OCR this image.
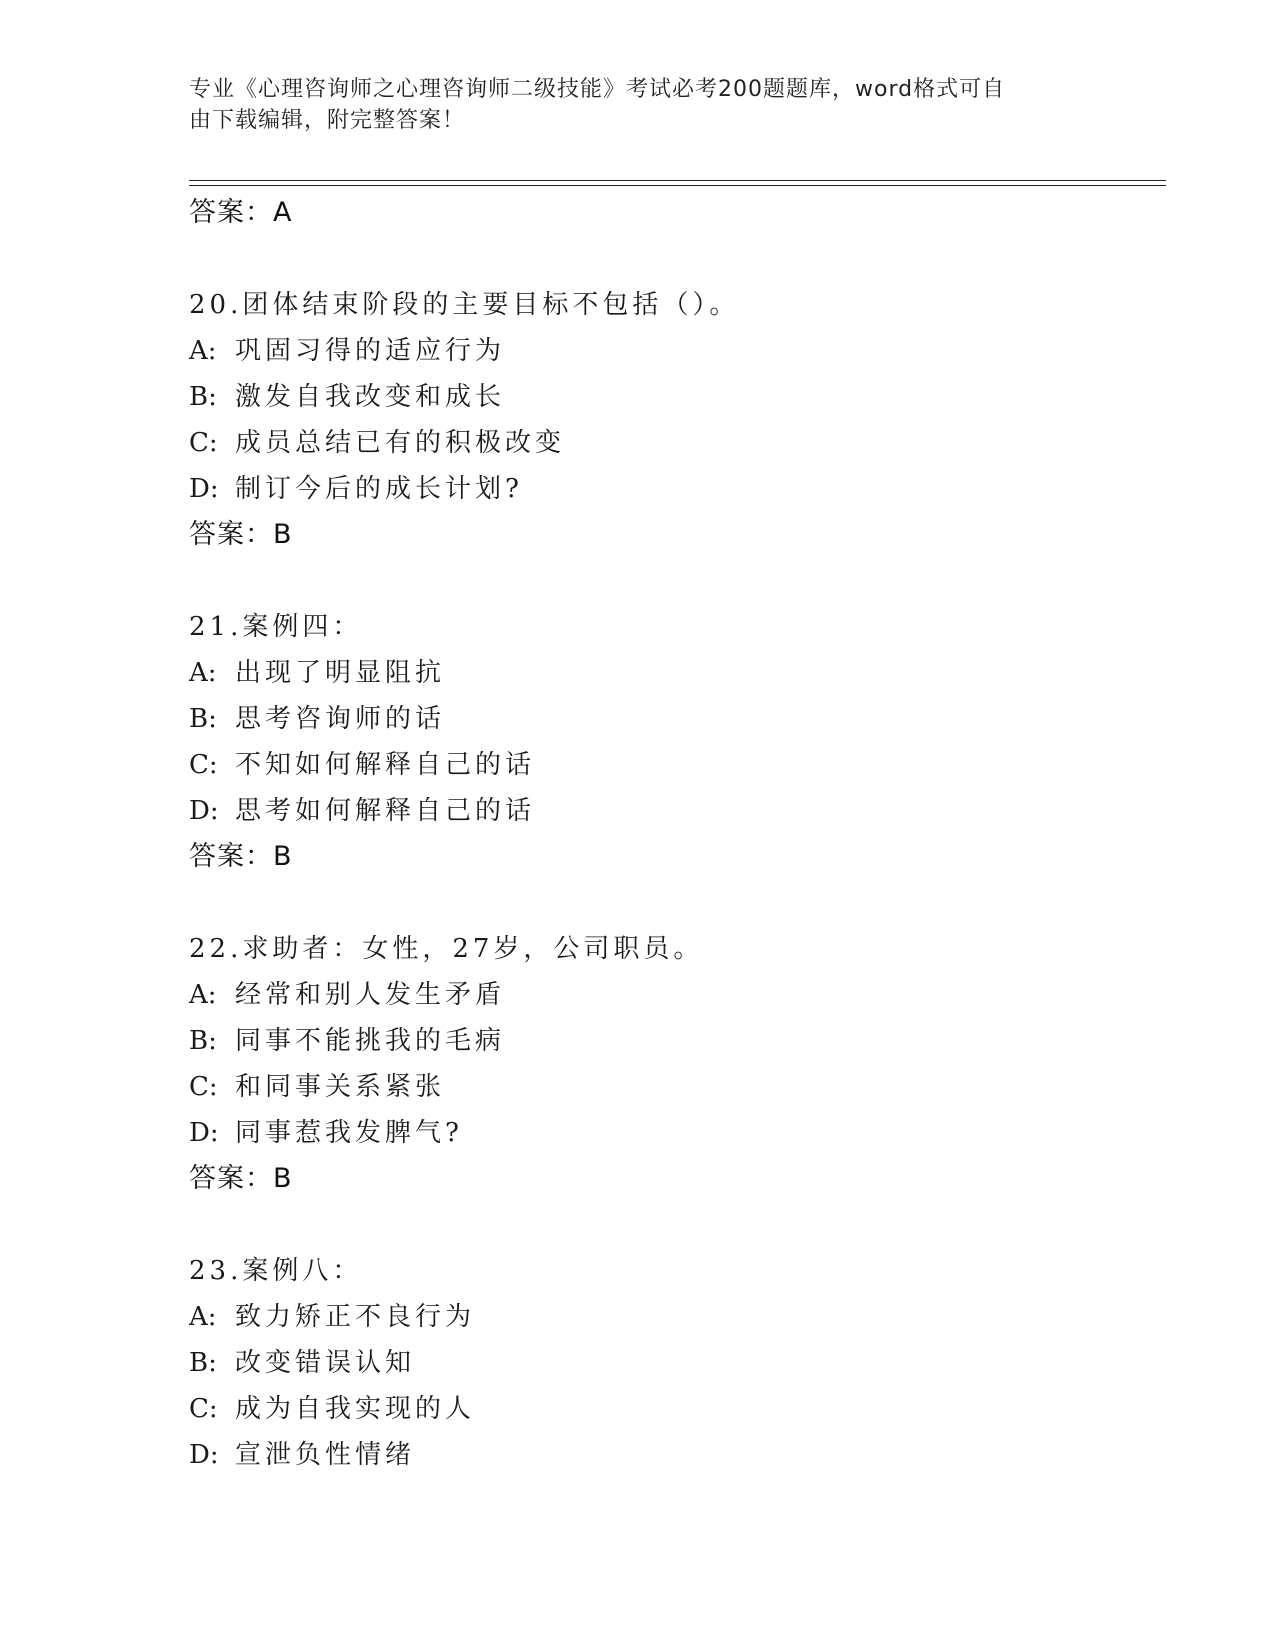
专业《心理咨询师之心理咨询师二级技能》考试必考200题题库，word格式可自
由下载编辑，附完整答案！
答案：A
20.团体结束阶段的主要目标不包括（）。
A: 巩固习得的适应行为
B: 激发自我改变和成长
C: 成员总结已有的积极改变
D: 制订今后的成长计划?
答案：B
21.案例四：
A: 出现了明显阻抗
B: 思考咨询师的话
C: 不知如何解释自己的话
D: 思考如何解释自己的话
答案：B
22.求助者：女性，27岁，公司职员。
A: 经常和别人发生矛盾
B: 同事不能挑我的毛病
C: 和同事关系紧张
D: 同事惹我发脾气?
答案：B
23.案例八：
A: 致力矫正不良行为
B: 改变错误认知
C: 成为自我实现的人
D: 宣泄负性情绪
